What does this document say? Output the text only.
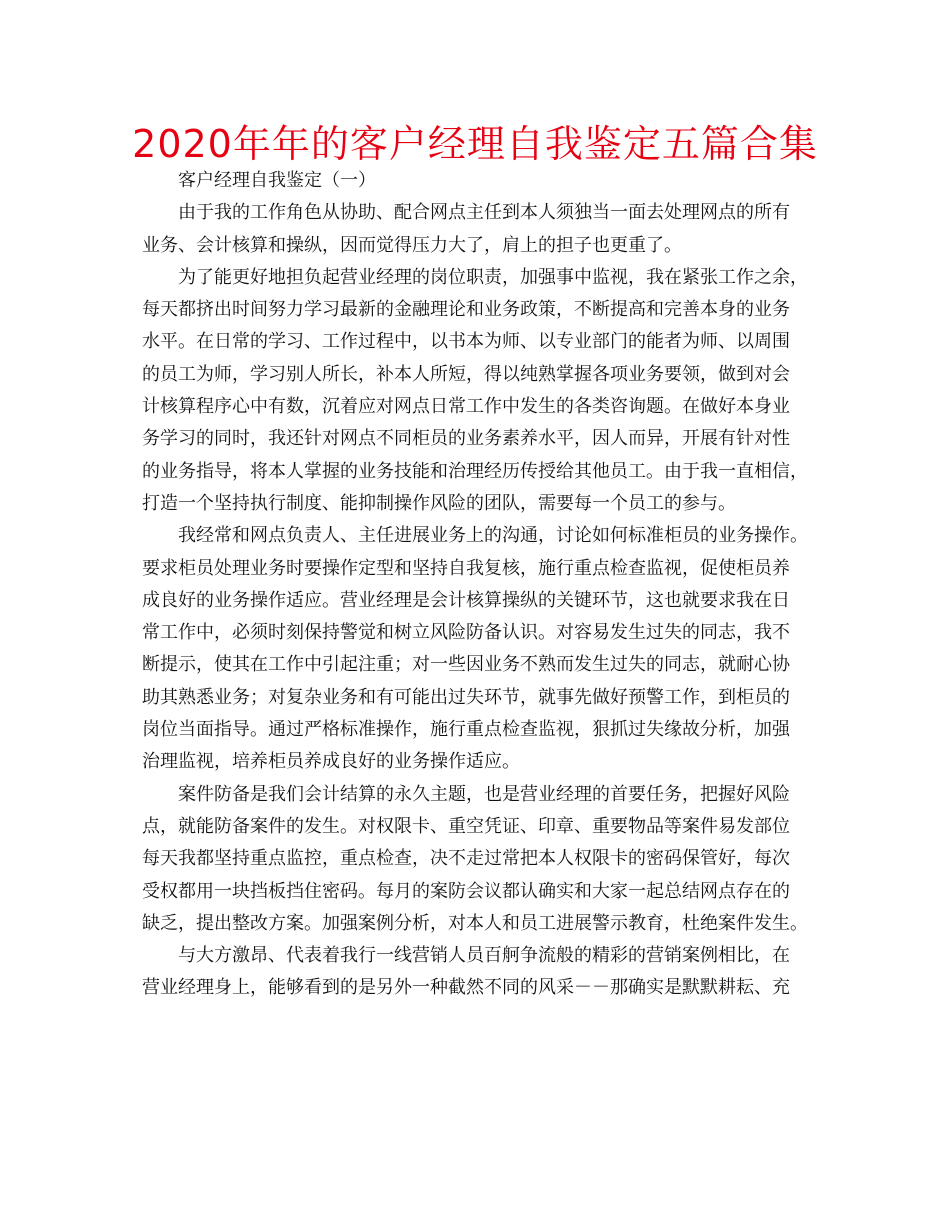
2020年年的客户经理自我鉴定五篇合集
客户经理自我鉴定（一）
由于我的工作角色从协助、配合网点主任到本人须独当一面去处理网点的所有
业务、会计核算和操纵，因而觉得压力大了，肩上的担子也更重了。
为了能更好地担负起营业经理的岗位职责，加强事中监视，我在紧张工作之余，
每天都挤出时间努力学习最新的金融理论和业务政策，不断提高和完善本身的业务
水平。在日常的学习、工作过程中，以书本为师、以专业部门的能者为师、以周围
的员工为师，学习别人所长，补本人所短，得以纯熟掌握各项业务要领，做到对会
计核算程序心中有数，沉着应对网点日常工作中发生的各类咨询题。在做好本身业
务学习的同时，我还针对网点不同柜员的业务素养水平，因人而异，开展有针对性
的业务指导，将本人掌握的业务技能和治理经历传授给其他员工。由于我一直相信，
打造一个坚持执行制度、能抑制操作风险的团队，需要每一个员工的参与。
我经常和网点负责人、主任进展业务上的沟通，讨论如何标准柜员的业务操作。
要求柜员处理业务时要操作定型和坚持自我复核，施行重点检查监视，促使柜员养
成良好的业务操作适应。营业经理是会计核算操纵的关键环节，这也就要求我在日
常工作中，必须时刻保持警觉和树立风险防备认识。对容易发生过失的同志，我不
断提示，使其在工作中引起注重；对一些因业务不熟而发生过失的同志，就耐心协
助其熟悉业务；对复杂业务和有可能出过失环节，就事先做好预警工作，到柜员的
岗位当面指导。通过严格标准操作，施行重点检查监视，狠抓过失缘故分析，加强
治理监视，培养柜员养成良好的业务操作适应。
案件防备是我们会计结算的永久主题，也是营业经理的首要任务，把握好风险
点，就能防备案件的发生。对权限卡、重空凭证、印章、重要物品等案件易发部位
每天我都坚持重点监控，重点检查，决不走过常把本人权限卡的密码保管好，每次
受权都用一块挡板挡住密码。每月的案防会议都认确实和大家一起总结网点存在的
缺乏，提出整改方案。加强案例分析，对本人和员工进展警示教育，杜绝案件发生。
与大方激昂、代表着我行一线营销人员百舸争流般的精彩的营销案例相比，在
营业经理身上，能够看到的是另外一种截然不同的风采－－那确实是默默耕耘、充
